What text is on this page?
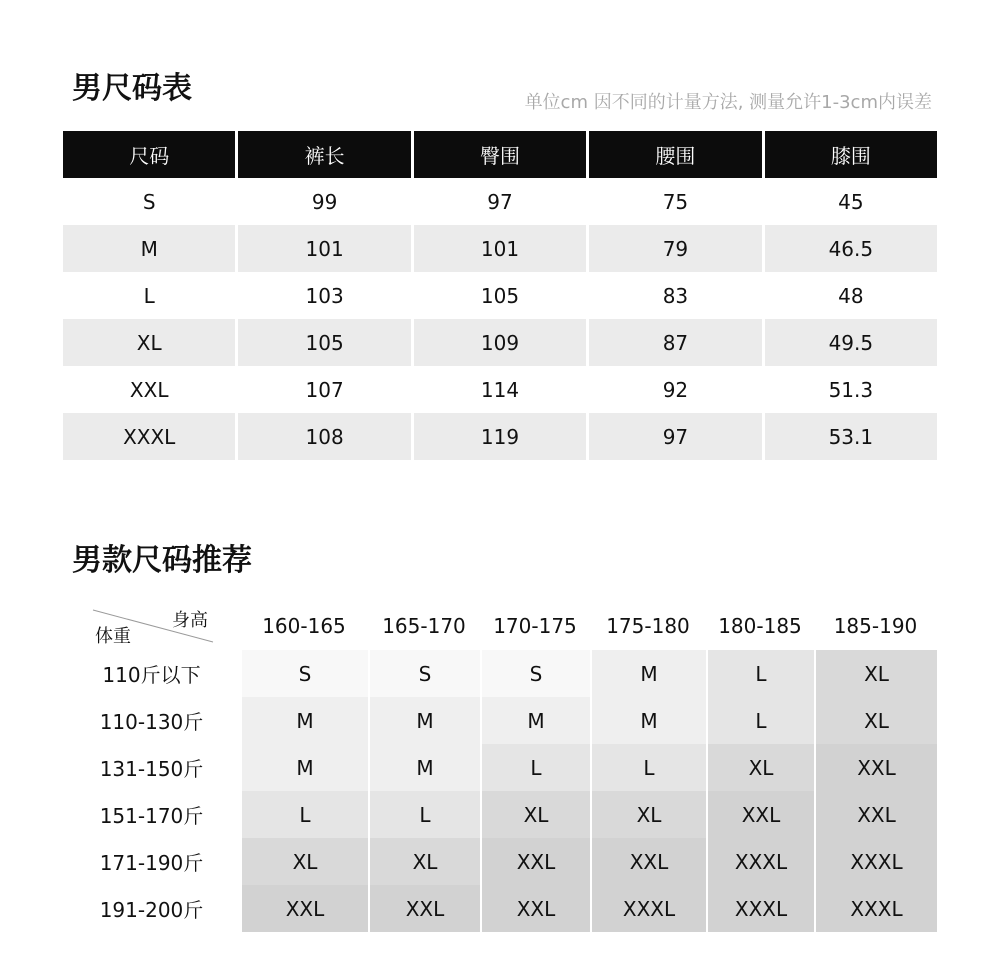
男尺码表	单位cm 因不同的计量方法, 测量允许1-3cm内误差
尺码	裤长	臀围	腰围	膝围
S	99	97	75	45
M	101	101	79	46.5
L	103	105	83	48
XL	105	109	87	49.5
XXL	107	114	92	51.3
XXXL	108	119	97	53.1
男款尺码推荐
身高
体重	160-165	165-170	170-175	175-180	180-185	185-190
110斤以下	S	S	S	M	L	XL
110-130斤	M	M	M	M	L	XL
131-150斤	M	M	L	L	XL	XXL
151-170斤	L	L	XL	XL	XXL	XXL
171-190斤	XL	XL	XXL	XXL	XXXL	XXXL
191-200斤	XXL	XXL	XXL	XXXL	XXXL	XXXL
